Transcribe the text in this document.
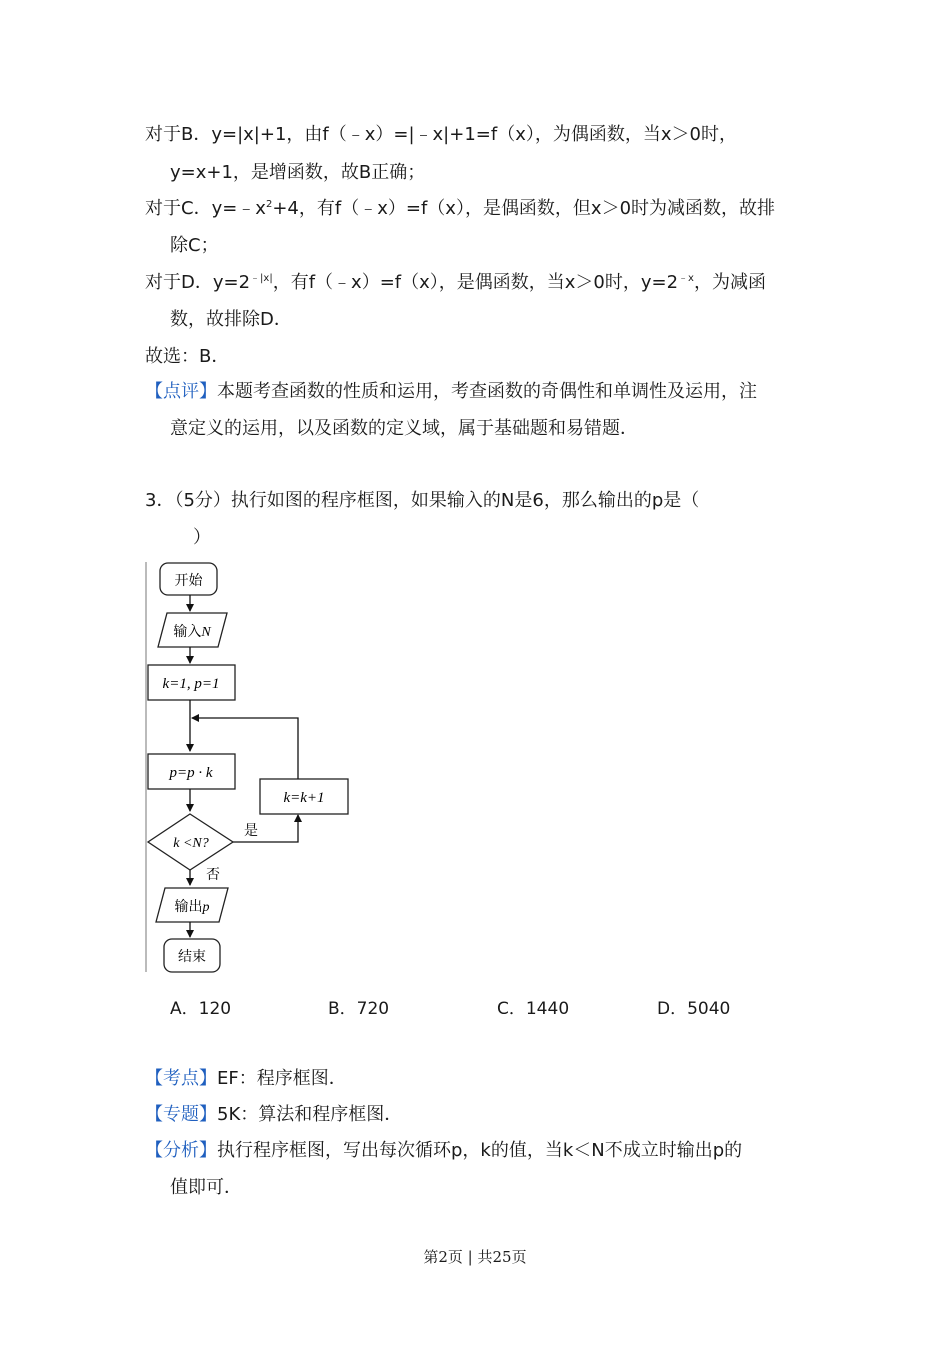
对于B．y=|x|+1，由f（﹣x）=|﹣x|+1=f（x），为偶函数，当x＞0时，
y=x+1，是增函数，故B正确；
对于C．$y=﹣x^2+4$，有f（﹣x）=f（x），是偶函数，但x＞0时为减函数，故排
除C；
对于D．$y=2^{﹣|x|}$，有f（﹣x）=f（x），是偶函数，当x＞0时，$y=2^{﹣x}$，为减函
数，故排除D．
故选：B．
【点评】本题考查函数的性质和运用，考查函数的奇偶性和单调性及运用，注
意定义的运用，以及函数的定义域，属于基础题和易错题．
3．（5分）执行如图的程序框图，如果输入的N是6，那么输出的p是（
）
开始
输入N
k=1, p=1
p=p · k
k <N?
是
k=k+1
否
输出p
结束
A．120	B．720	C．1440	D．5040
【考点】EF：程序框图．
【专题】5K：算法和程序框图．
【分析】执行程序框图，写出每次循环p，k的值，当k＜N不成立时输出p的
值即可．
第2页 | 共25页
